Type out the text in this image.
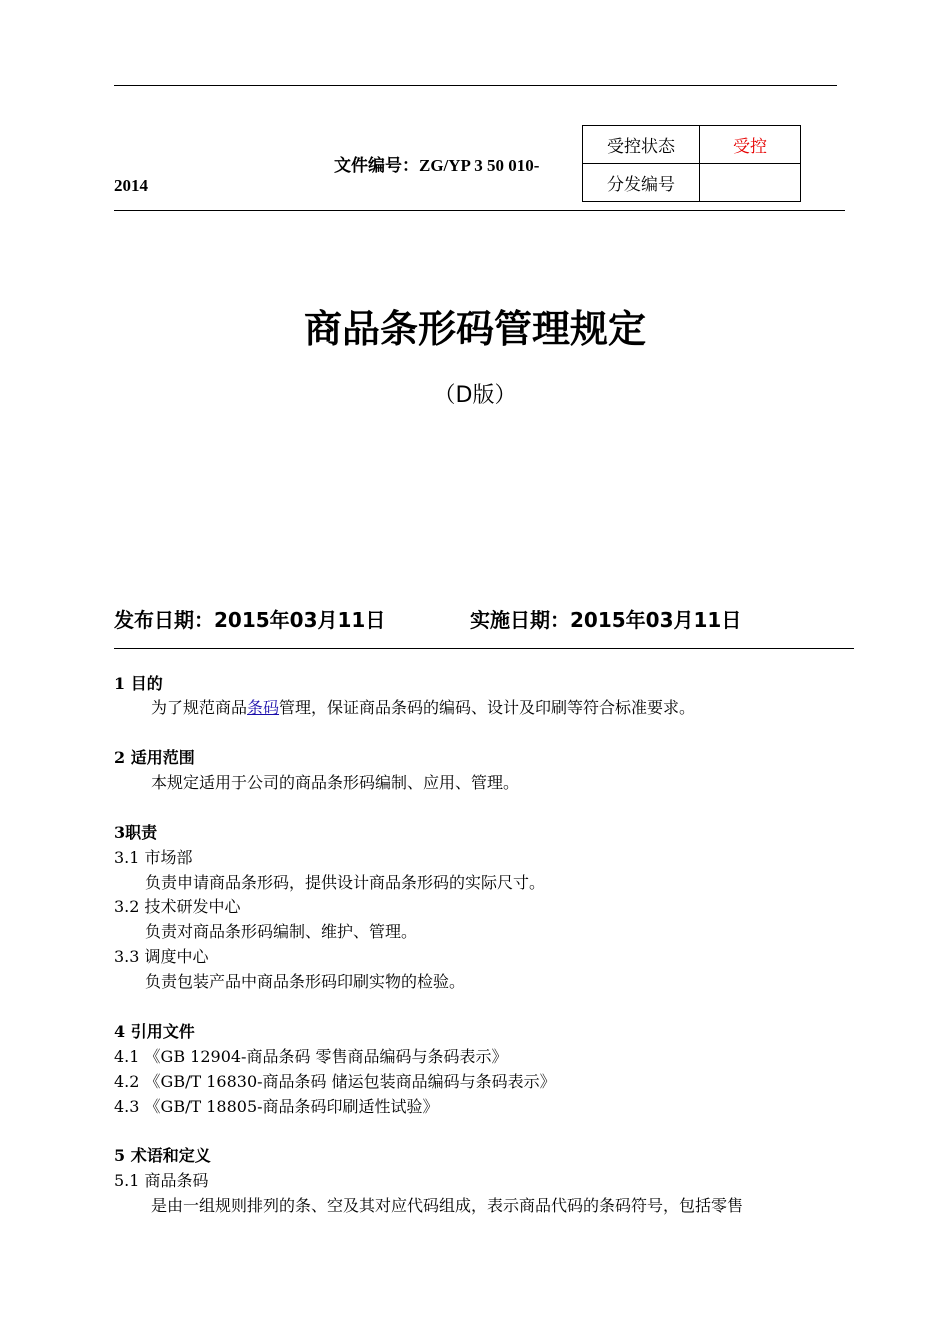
文件编号：ZG/YP 3 50 010-
2014
受控状态	受控
分发编号	
商品条形码管理规定
（D版）
发布日期：2015年03月11日	实施日期：2015年03月11日
1 目的
为了规范商品条码管理，保证商品条码的编码、设计及印刷等符合标准要求。
2 适用范围
本规定适用于公司的商品条形码编制、应用、管理。
3职责
3.1 市场部
负责申请商品条形码，提供设计商品条形码的实际尺寸。
3.2 技术研发中心
负责对商品条形码编制、维护、管理。
3.3 调度中心
负责包装产品中商品条形码印刷实物的检验。
4 引用文件
4.1 《GB 12904-商品条码 零售商品编码与条码表示》
4.2 《GB/T 16830-商品条码 储运包装商品编码与条码表示》
4.3 《GB/T 18805-商品条码印刷适性试验》
5 术语和定义
5.1 商品条码
是由一组规则排列的条、空及其对应代码组成，表示商品代码的条码符号，包括零售
